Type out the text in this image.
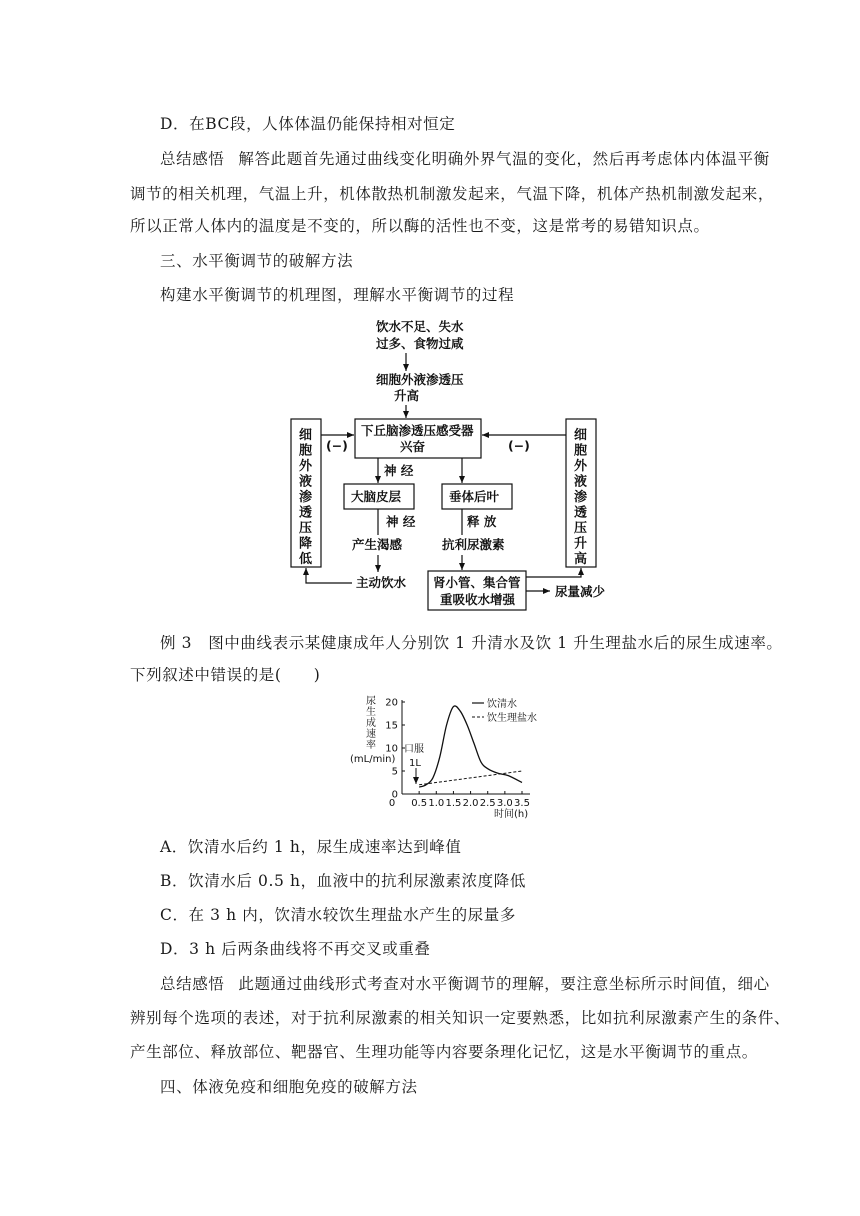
D．在BC段，人体体温仍能保持相对恒定
总结感悟 解答此题首先通过曲线变化明确外界气温的变化，然后再考虑体内体温平衡
调节的相关机理，气温上升，机体散热机制激发起来，气温下降，机体产热机制激发起来，
所以正常人体内的温度是不变的，所以酶的活性也不变，这是常考的易错知识点。
三、水平衡调节的破解方法
构建水平衡调节的机理图，理解水平衡调节的过程
饮水不足、失水
过多、食物过咸
细胞外液渗透压
升高
下丘脑渗透压感受器
兴奋
细
胞
外
液
渗
透
压
降
低
细
胞
外
液
渗
透
压
升
高
(−)	(−)
神 经
大脑皮层	垂体后叶
神 经
产生渴感
释 放
抗利尿激素
主动饮水 肾小管、集合管
重吸收水增强
尿量减少
例 3　图中曲线表示某健康成年人分别饮 1 升清水及饮 1 升生理盐水后的尿生成速率。
下列叙述中错误的是(　　)
尿
生
成
速
率
(mL/min)
0
5
10
15
20
0 0.5 1.0 1.5 2.0 2.5 3.0 3.5
时间(h)
口服
1L
饮清水
饮生理盐水
A．饮清水后约 1 h，尿生成速率达到峰值
B．饮清水后 0.5 h，血液中的抗利尿激素浓度降低
C．在 3 h 内，饮清水较饮生理盐水产生的尿量多
D．3 h 后两条曲线将不再交叉或重叠
总结感悟 此题通过曲线形式考查对水平衡调节的理解，要注意坐标所示时间值，细心
辨别每个选项的表述，对于抗利尿激素的相关知识一定要熟悉，比如抗利尿激素产生的条件、
产生部位、释放部位、靶器官、生理功能等内容要条理化记忆，这是水平衡调节的重点。
四、体液免疫和细胞免疫的破解方法
